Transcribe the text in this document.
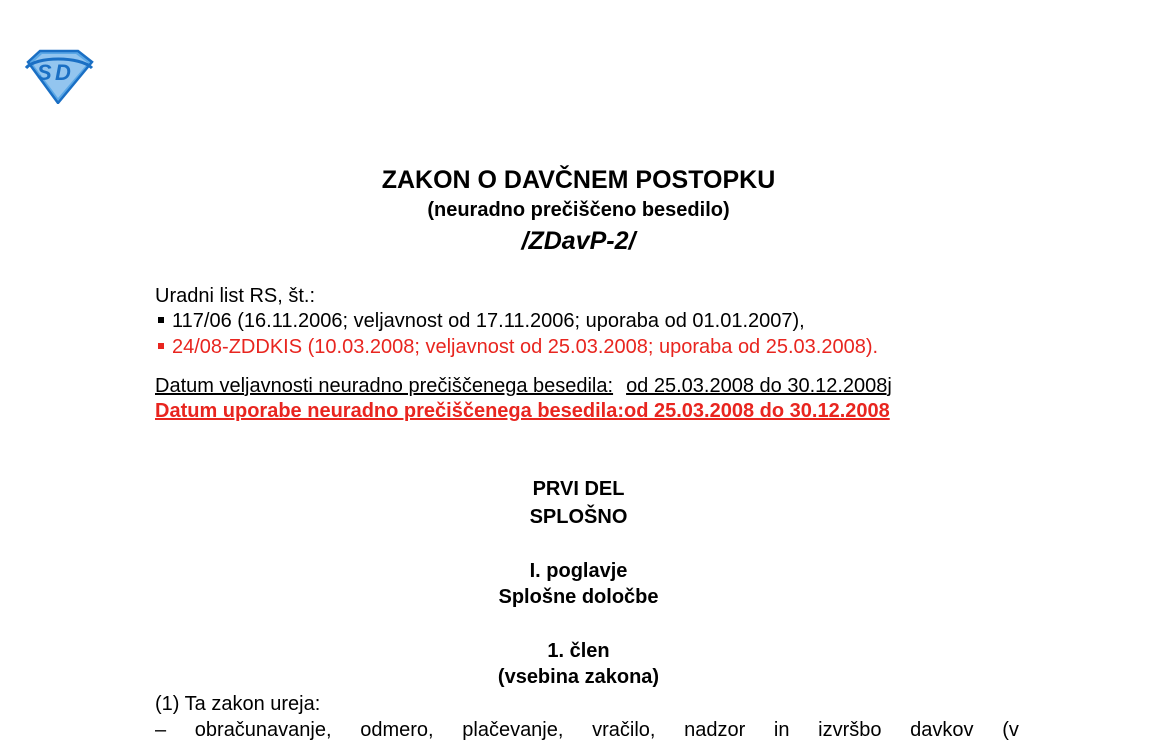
S D
ZAKON O DAVČNEM POSTOPKU
(neuradno prečiščeno besedilo)
/ZDavP-2/
Uradni list RS, št.:
117/06 (16.11.2006; veljavnost od 17.11.2006; uporaba od 01.01.2007),
24/08-ZDDKIS (10.03.2008; veljavnost od 25.03.2008; uporaba od 25.03.2008).
Datum veljavnosti neuradno prečiščenega besedila: od 25.03.2008 do 30.12.2008j
Datum uporabe neuradno prečiščenega besedila:od 25.03.2008 do 30.12.2008
PRVI DEL
SPLOŠNO
I. poglavje
Splošne določbe
1. člen
(vsebina zakona)
(1) Ta zakon ureja:
– obračunavanje, odmero, plačevanje, vračilo, nadzor in izvršbo davkov (v
